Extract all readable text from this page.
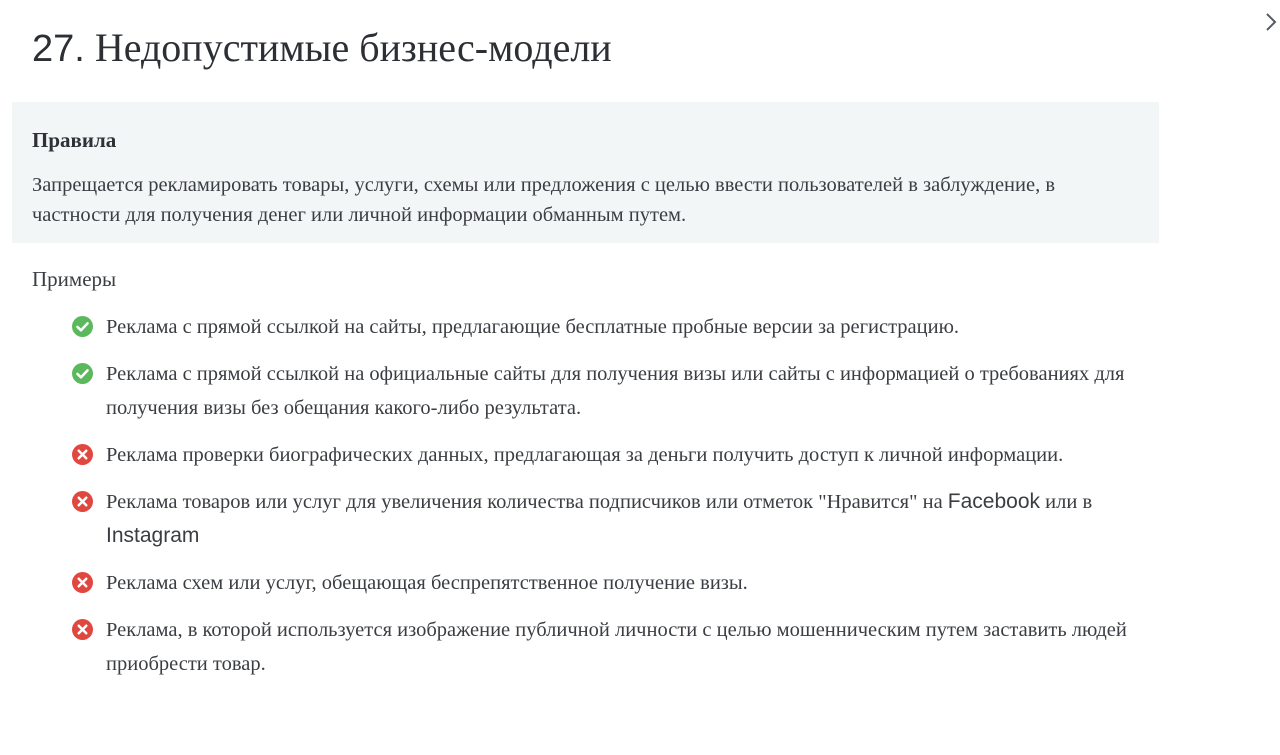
27. Недопустимые бизнес-модели
Правила

Запрещается рекламировать товары, услуги, схемы или предложения с целью ввести пользователей в заблуждение, в частности для получения денег или личной информации обманным путем.

Примеры
Реклама с прямой ссылкой на сайты, предлагающие бесплатные пробные версии за регистрацию.
Реклама с прямой ссылкой на официальные сайты для получения визы или сайты с информацией о требованиях для получения визы без обещания какого-либо результата.
Реклама проверки биографических данных, предлагающая за деньги получить доступ к личной информации.
Реклама товаров или услуг для увеличения количества подписчиков или отметок "Нравится" на Facebook или в Instagram
Реклама схем или услуг, обещающая беспрепятственное получение визы.
Реклама, в которой используется изображение публичной личности с целью мошенническим путем заставить людей приобрести товар.
